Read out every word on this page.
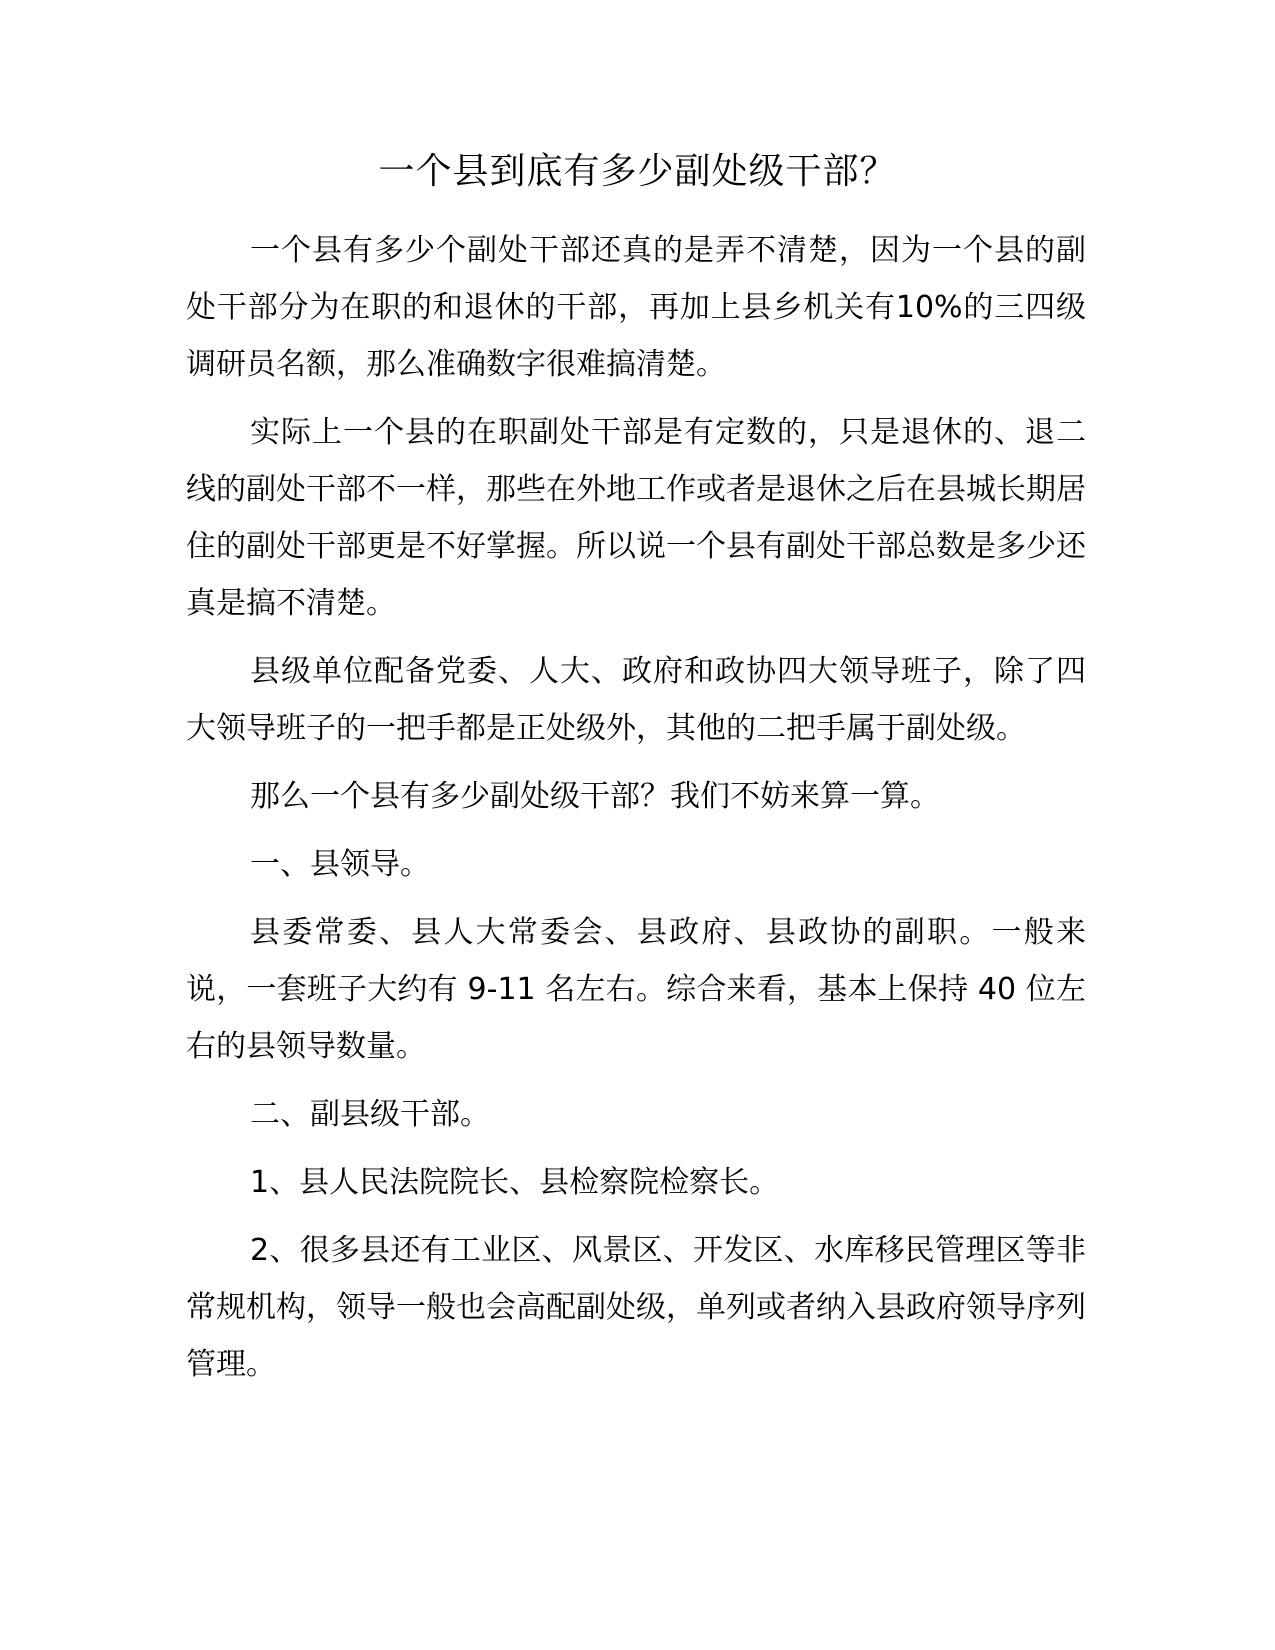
一个县到底有多少副处级干部？

一个县有多少个副处干部还真的是弄不清楚，因为一个县的副处干部分为在职的和退休的干部，再加上县乡机关有10%的三四级调研员名额，那么准确数字很难搞清楚。

实际上一个县的在职副处干部是有定数的，只是退休的、退二线的副处干部不一样，那些在外地工作或者是退休之后在县城长期居住的副处干部更是不好掌握。所以说一个县有副处干部总数是多少还真是搞不清楚。

县级单位配备党委、人大、政府和政协四大领导班子，除了四大领导班子的一把手都是正处级外，其他的二把手属于副处级。

那么一个县有多少副处级干部？我们不妨来算一算。

一、县领导。

县委常委、县人大常委会、县政府、县政协的副职。一般来说，一套班子大约有 9-11 名左右。综合来看，基本上保持 40 位左右的县领导数量。

二、副县级干部。

1、县人民法院院长、县检察院检察长。

2、很多县还有工业区、风景区、开发区、水库移民管理区等非常规机构，领导一般也会高配副处级，单列或者纳入县政府领导序列管理。
